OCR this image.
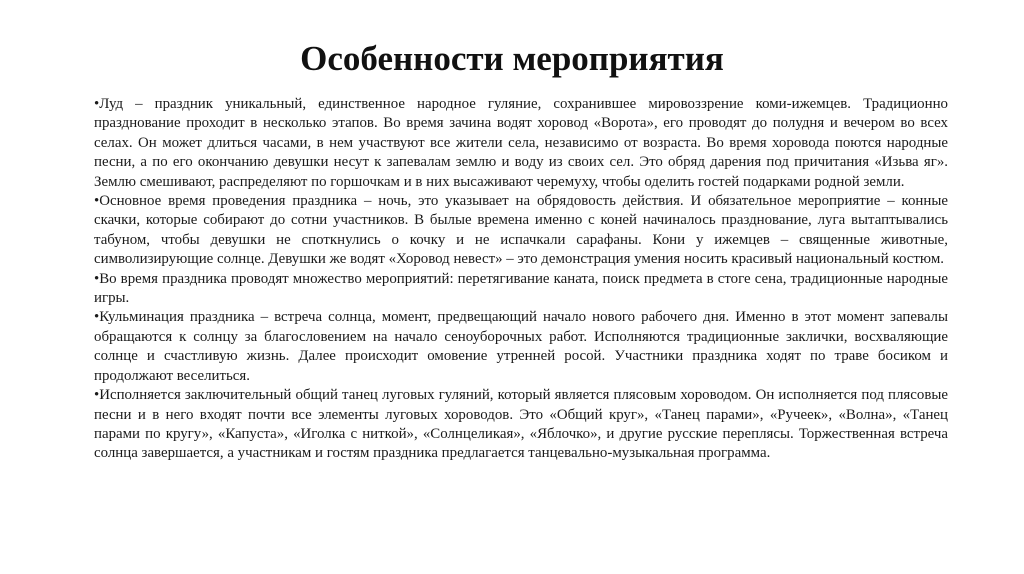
Особенности мероприятия

•Луд – праздник уникальный, единственное народное гуляние, сохранившее мировоззрение коми-ижемцев. Традиционно празднование проходит в несколько этапов. Во время зачина водят хоровод «Ворота», его проводят до полудня и вечером во всех селах. Он может длиться часами, в нем участвуют все жители села, независимо от возраста. Во время хоровода поются народные песни, а по его окончанию девушки несут к запевалам землю и воду из своих сел. Это обряд дарения под причитания «Изьва яг». Землю смешивают, распределяют по горшочкам и в них высаживают черемуху, чтобы оделить гостей подарками родной земли.

•Основное время проведения праздника – ночь, это указывает на обрядовость действия. И обязательное мероприятие – конные скачки, которые собирают до сотни участников. В былые времена именно с коней начиналось празднование, луга вытаптывались табуном, чтобы девушки не споткнулись о кочку и не испачкали сарафаны. Кони у ижемцев – священные животные, символизирующие солнце. Девушки же водят «Хоровод невест» – это демонстрация умения носить красивый национальный костюм.

•Во время праздника проводят множество мероприятий: перетягивание каната, поиск предмета в стоге сена, традиционные народные игры.

•Кульминация праздника – встреча солнца, момент, предвещающий начало нового рабочего дня. Именно в этот момент запевалы обращаются к солнцу за благословением на начало сеноуборочных работ. Исполняются традиционные заклички, восхваляющие солнце и счастливую жизнь. Далее происходит омовение утренней росой. Участники праздника ходят по траве босиком и продолжают веселиться.

•Исполняется заключительный общий танец луговых гуляний, который является плясовым хороводом. Он исполняется под плясовые песни и в него входят почти все элементы луговых хороводов. Это «Общий круг», «Танец парами», «Ручеек», «Волна», «Танец парами по кругу», «Капуста», «Иголка с ниткой», «Солнцеликая», «Яблочко», и другие русские переплясы. Торжественная встреча солнца завершается, а участникам и гостям праздника предлагается танцевально-музыкальная программа.
